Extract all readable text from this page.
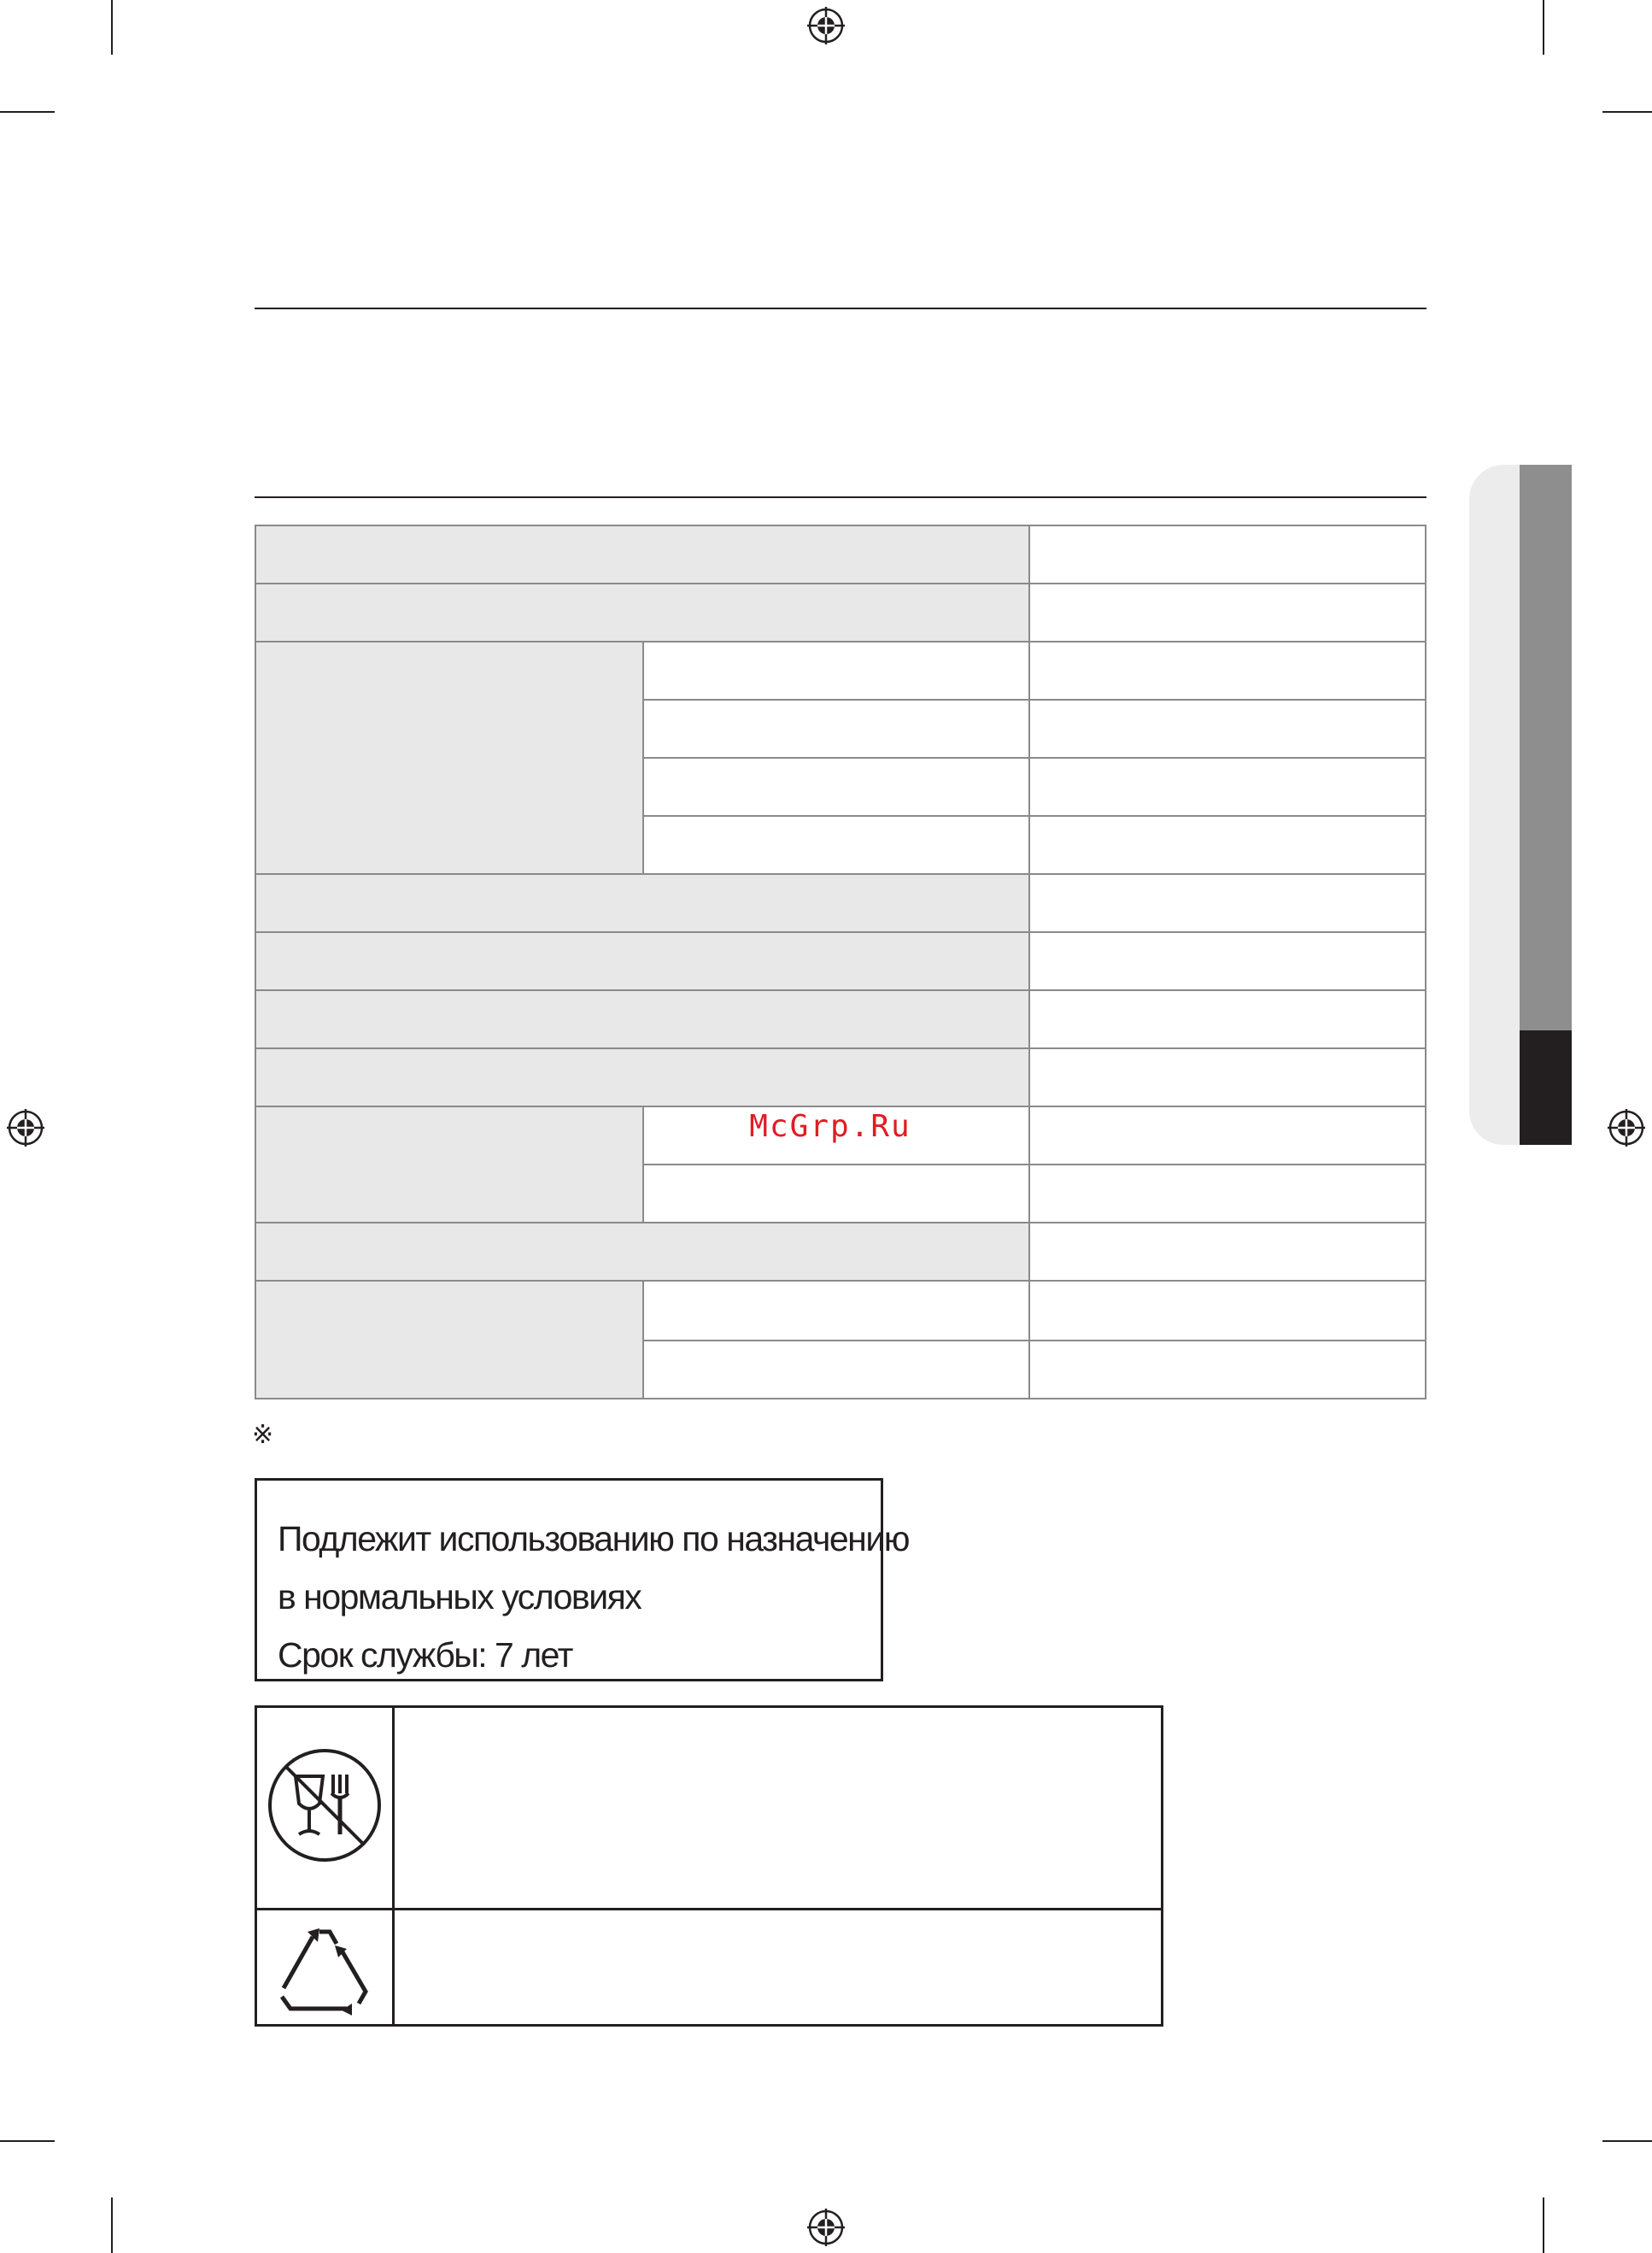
McGrp.Ru
※
Подлежит использованию по назначению
в нормальных условиях
Срок службы: 7 лет
